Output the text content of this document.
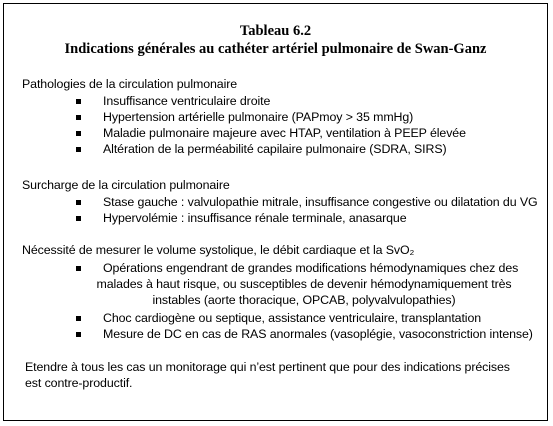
Tableau 6.2
Indications générales au cathéter artériel pulmonaire de Swan-Ganz
Pathologies de la circulation pulmonaire
Insuffisance ventriculaire droite
Hypertension artérielle pulmonaire (PAPmoy > 35 mmHg)
Maladie pulmonaire majeure avec HTAP, ventilation à PEEP élevée
Altération de la perméabilité capilaire pulmonaire (SDRA, SIRS)
Surcharge de la circulation pulmonaire
Stase gauche : valvulopathie mitrale, insuffisance congestive ou dilatation du VG
Hypervolémie : insuffisance rénale terminale, anasarque
Nécessité de mesurer le volume systolique, le débit cardiaque et la SvO₂
Opérations engendrant de grandes modifications hémodynamiques chez des
malades à haut risque, ou susceptibles de devenir hémodynamiquement très
instables (aorte thoracique, OPCAB, polyvalvulopathies)
Choc cardiogène ou septique, assistance ventriculaire, transplantation
Mesure de DC en cas de RAS anormales (vasoplégie, vasoconstriction intense)
Etendre à tous les cas un monitorage qui n’est pertinent que pour des indications précises
est contre-productif.
